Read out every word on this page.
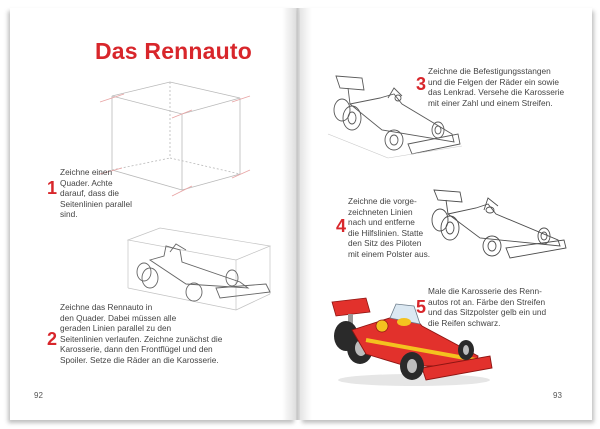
Das Rennauto
1
Zeichne einen
Quader. Achte
darauf, dass die
Seitenlinien parallel
sind.
2
Zeichne das Rennauto in
den Quader. Dabei müssen alle
geraden Linien parallel zu den
Seitenlinien verlaufen. Zeichne zunächst die
Karosserie, dann den Frontflügel und den
Spoiler. Setze die Räder an die Karosserie.
92
3
Zeichne die Befestigungsstangen
und die Felgen der Räder ein sowie
das Lenkrad. Versehe die Karosserie
mit einer Zahl und einem Streifen.
4
Zeichne die vorge-
zeichneten Linien
nach und entferne
die Hilfslinien. Statte
den Sitz des Piloten
mit einem Polster aus.
5
Male die Karosserie des Renn-
autos rot an. Färbe den Streifen
und das Sitzpolster gelb ein und
die Reifen schwarz.
93
